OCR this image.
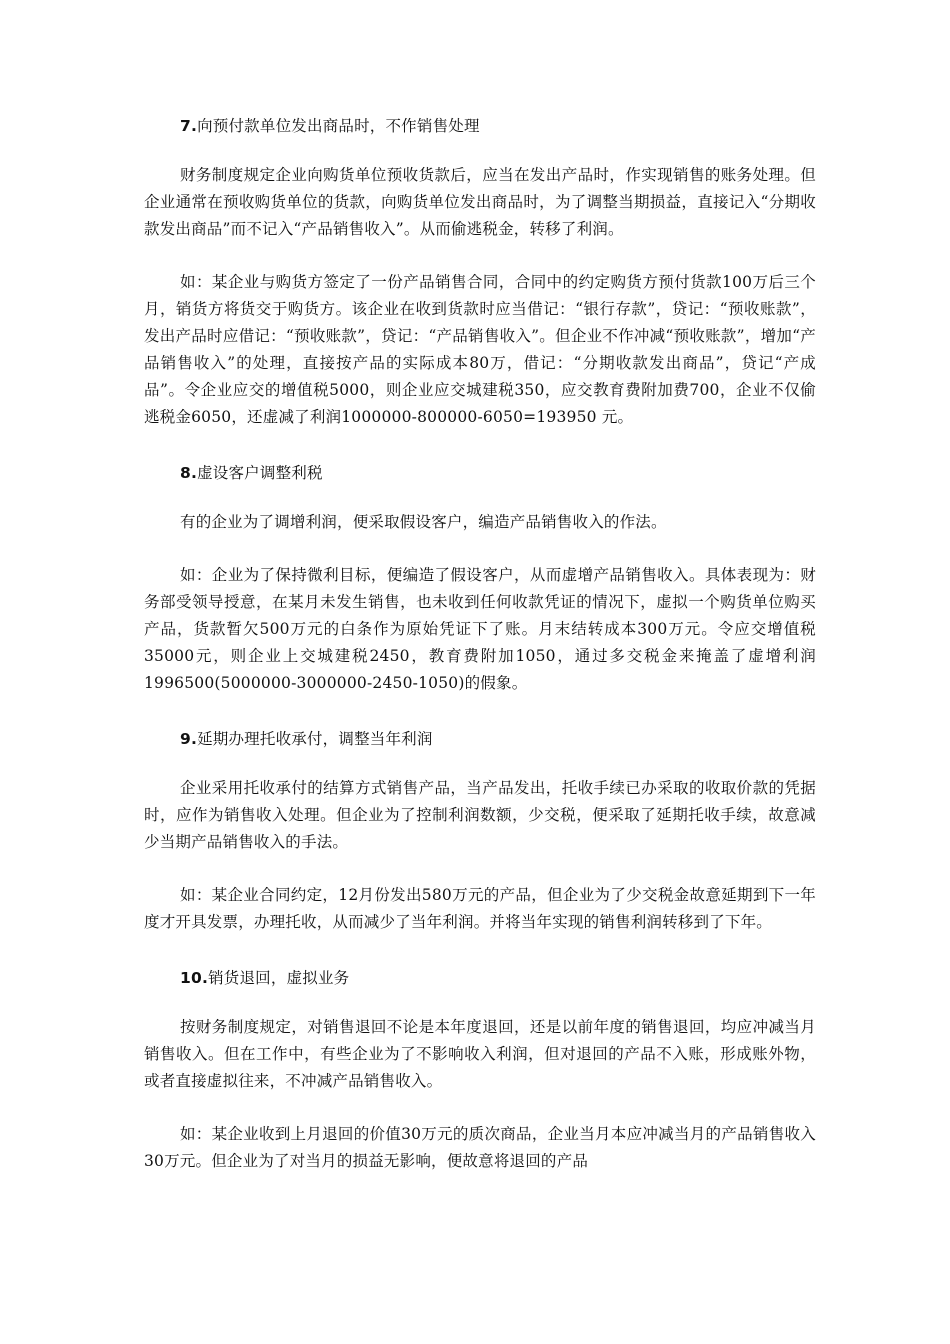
7.向预付款单位发出商品时，不作销售处理

财务制度规定企业向购货单位预收货款后，应当在发出产品时，作实现销售的账务处理。但企业通常在预收购货单位的货款，向购货单位发出商品时，为了调整当期损益，直接记入“分期收款发出商品”而不记入“产品销售收入”。从而偷逃税金，转移了利润。

如：某企业与购货方签定了一份产品销售合同，合同中的约定购货方预付货款100万后三个月，销货方将货交于购货方。该企业在收到货款时应当借记：“银行存款”，贷记：“预收账款”，发出产品时应借记：“预收账款”，贷记：“产品销售收入”。但企业不作冲减“预收账款”，增加“产品销售收入”的处理，直接按产品的实际成本80万，借记：“分期收款发出商品”，贷记“产成品”。令企业应交的增值税5000，则企业应交城建税350，应交教育费附加费700，企业不仅偷逃税金6050，还虚减了利润1000000-800000-6050=193950 元。

8.虚设客户调整利税

有的企业为了调增利润，便采取假设客户，编造产品销售收入的作法。

如：企业为了保持微利目标，便编造了假设客户，从而虚增产品销售收入。具体表现为：财务部受领导授意，在某月未发生销售，也未收到任何收款凭证的情况下，虚拟一个购货单位购买产品，货款暂欠500万元的白条作为原始凭证下了账。月末结转成本300万元。令应交增值税35000元，则企业上交城建税2450，教育费附加1050，通过多交税金来掩盖了虚增利润1996500(5000000-3000000-2450-1050)的假象。

9.延期办理托收承付，调整当年利润

企业采用托收承付的结算方式销售产品，当产品发出，托收手续已办采取的收取价款的凭据时，应作为销售收入处理。但企业为了控制利润数额，少交税，便采取了延期托收手续，故意减少当期产品销售收入的手法。

如：某企业合同约定，12月份发出580万元的产品，但企业为了少交税金故意延期到下一年度才开具发票，办理托收，从而减少了当年利润。并将当年实现的销售利润转移到了下年。

10.销货退回，虚拟业务

按财务制度规定，对销售退回不论是本年度退回，还是以前年度的销售退回，均应冲减当月销售收入。但在工作中，有些企业为了不影响收入利润，但对退回的产品不入账，形成账外物，或者直接虚拟往来，不冲减产品销售收入。

如：某企业收到上月退回的价值30万元的质次商品，企业当月本应冲减当月的产品销售收入30万元。但企业为了对当月的损益无影响，便故意将退回的产品
